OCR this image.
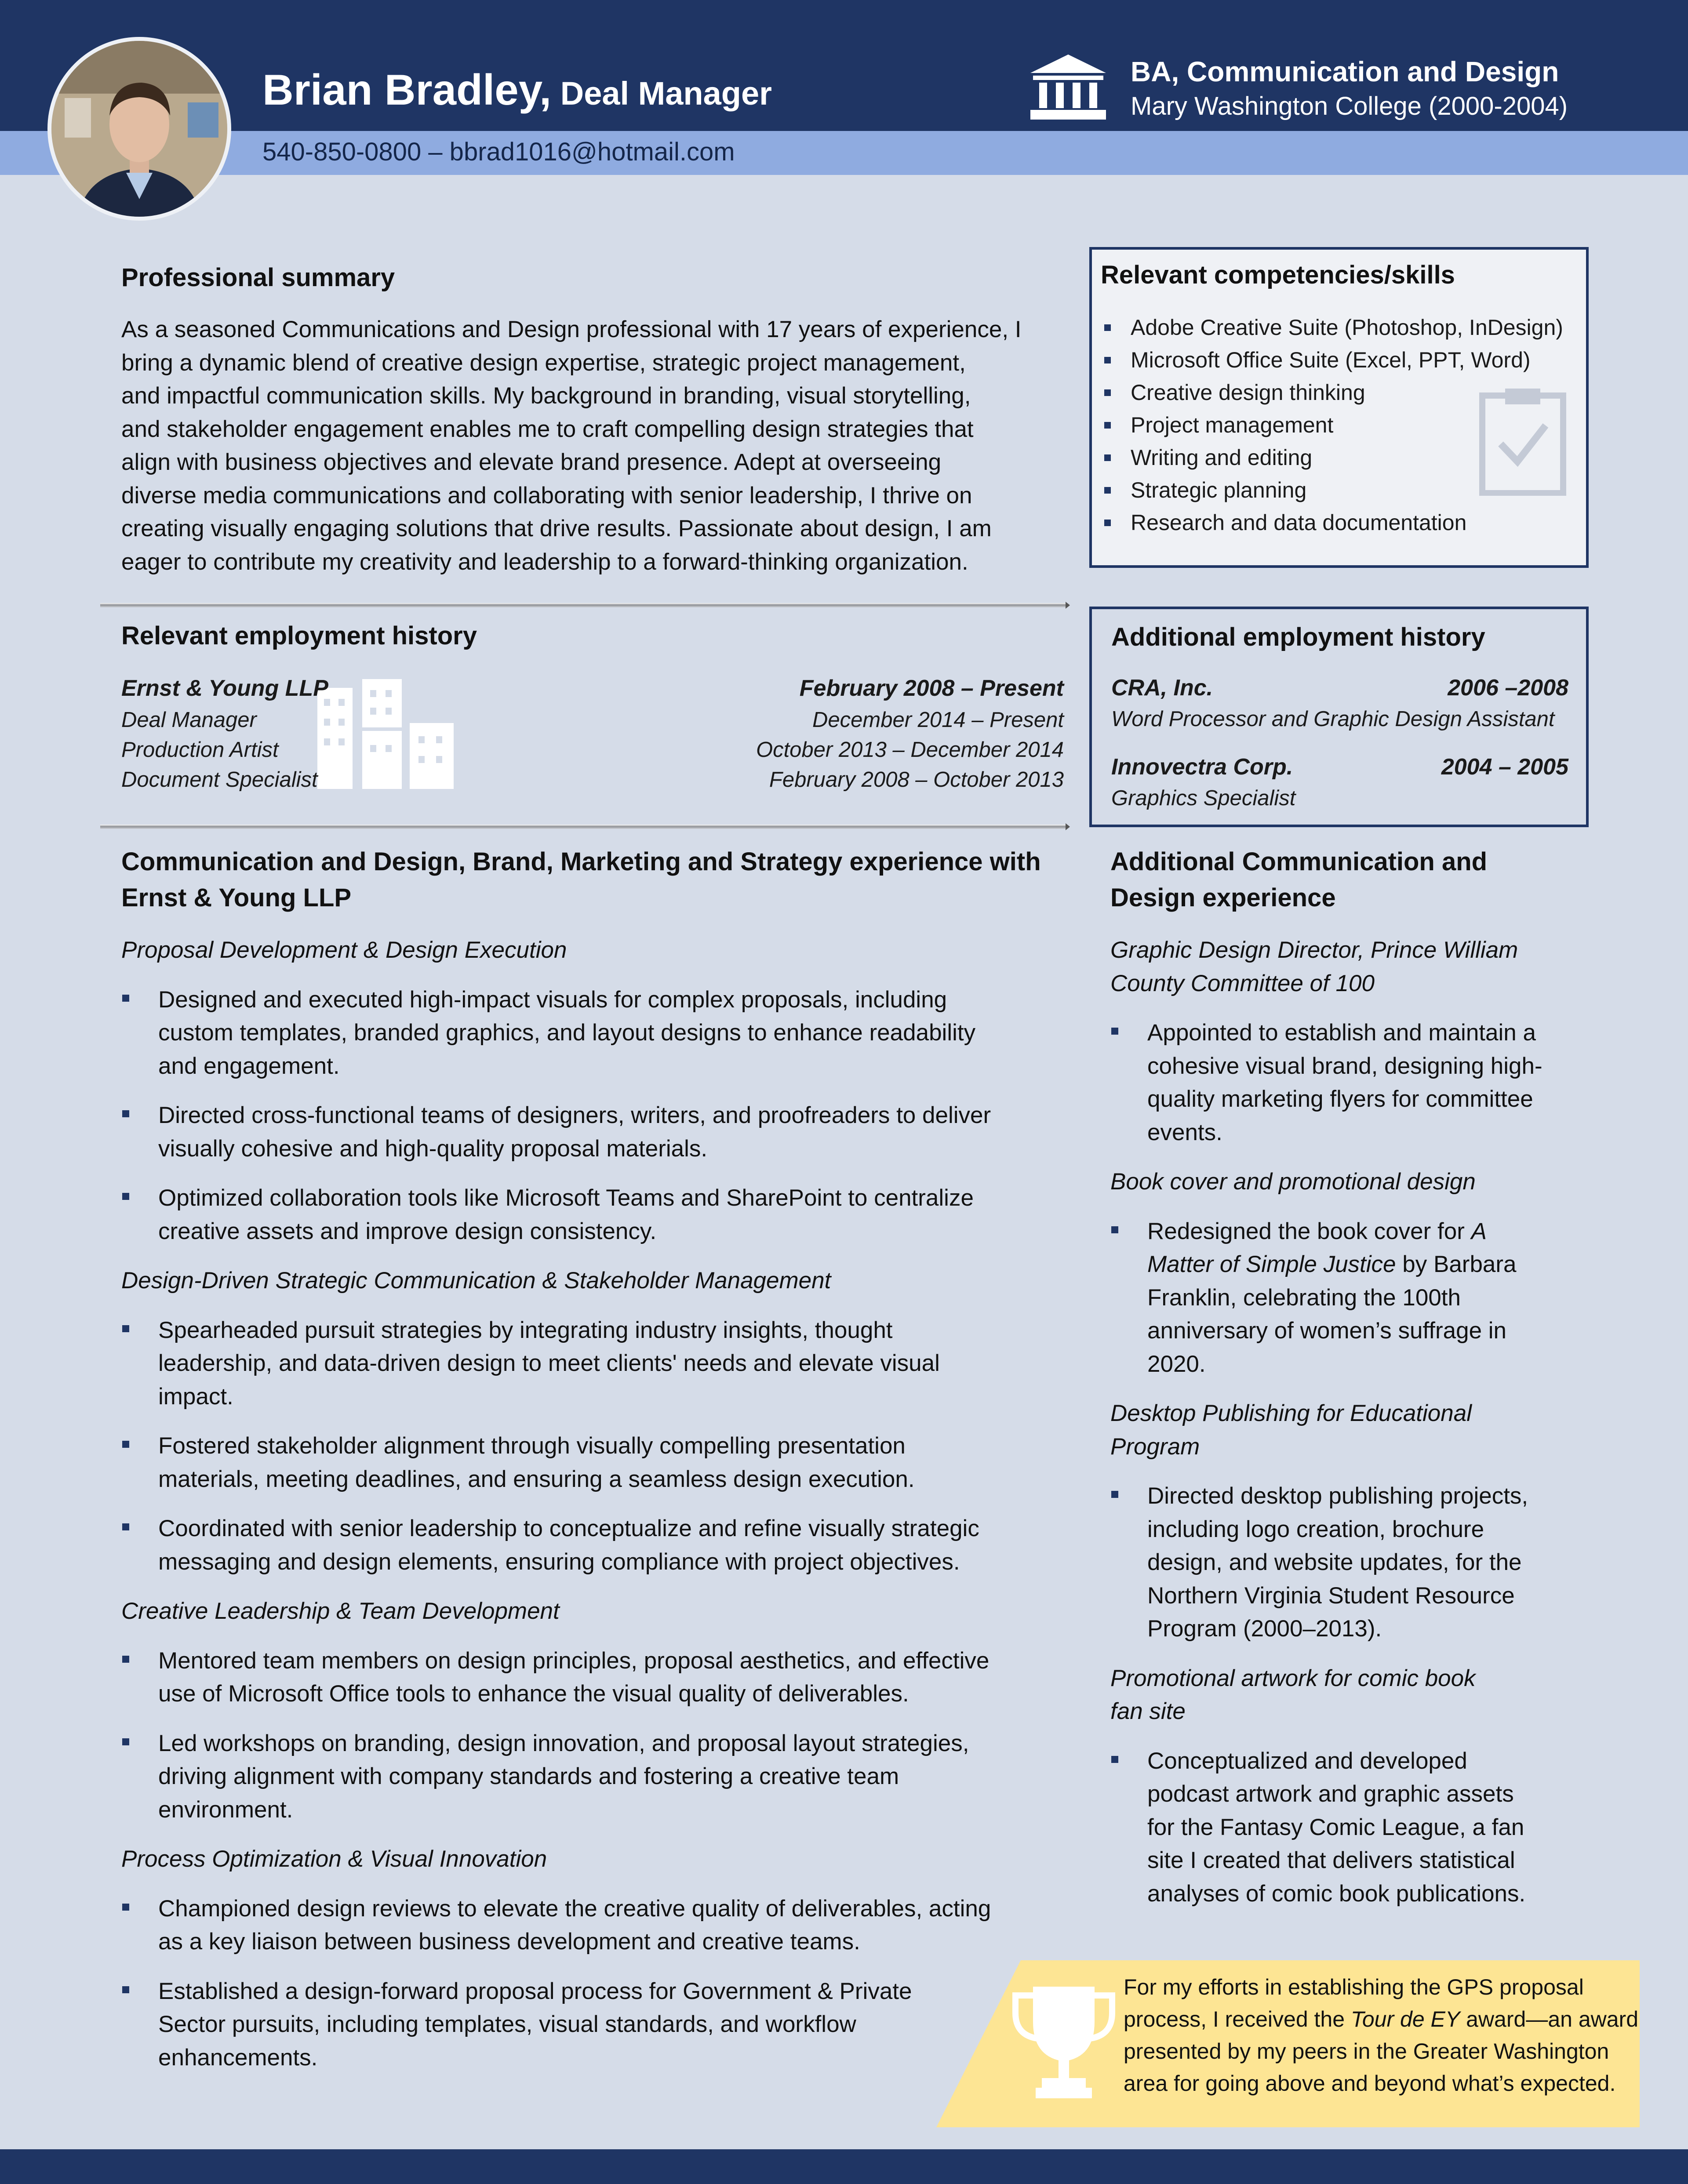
Brian Bradley, Deal Manager
540-850-0800 – bbrad1016@hotmail.com
BA, Communication and Design
Mary Washington College (2000-2004)
Professional summary
As a seasoned Communications and Design professional with 17 years of experience, I
bring a dynamic blend of creative design expertise, strategic project management,
and impactful communication skills. My background in branding, visual storytelling,
and stakeholder engagement enables me to craft compelling design strategies that
align with business objectives and elevate brand presence. Adept at overseeing
diverse media communications and collaborating with senior leadership, I thrive on
creating visually engaging solutions that drive results. Passionate about design, I am
eager to contribute my creativity and leadership to a forward-thinking organization.
Relevant competencies/skills
Adobe Creative Suite (Photoshop, InDesign)
Microsoft Office Suite (Excel, PPT, Word)
Creative design thinking
Project management
Writing and editing
Strategic planning
Research and data documentation
Relevant employment history
Ernst & Young LLP	February 2008 – Present
Deal Manager	December 2014 – Present
Production Artist	October 2013 – December 2014
Document Specialist	February 2008 – October 2013
Additional employment history
CRA, Inc.	2006 –2008
Word Processor and Graphic Design Assistant
Innovectra Corp.	2004 – 2005
Graphics Specialist
Communication and Design, Brand, Marketing and Strategy experience with
Ernst & Young LLP
Proposal Development & Design Execution
Designed and executed high-impact visuals for complex proposals, including
custom templates, branded graphics, and layout designs to enhance readability
and engagement.
Directed cross-functional teams of designers, writers, and proofreaders to deliver
visually cohesive and high-quality proposal materials.
Optimized collaboration tools like Microsoft Teams and SharePoint to centralize
creative assets and improve design consistency.
Design-Driven Strategic Communication & Stakeholder Management
Spearheaded pursuit strategies by integrating industry insights, thought
leadership, and data-driven design to meet clients' needs and elevate visual
impact.
Fostered stakeholder alignment through visually compelling presentation
materials, meeting deadlines, and ensuring a seamless design execution.
Coordinated with senior leadership to conceptualize and refine visually strategic
messaging and design elements, ensuring compliance with project objectives.
Creative Leadership & Team Development
Mentored team members on design principles, proposal aesthetics, and effective
use of Microsoft Office tools to enhance the visual quality of deliverables.
Led workshops on branding, design innovation, and proposal layout strategies,
driving alignment with company standards and fostering a creative team
environment.
Process Optimization & Visual Innovation
Championed design reviews to elevate the creative quality of deliverables, acting
as a key liaison between business development and creative teams.
Established a design-forward proposal process for Government & Private
Sector pursuits, including templates, visual standards, and workflow
enhancements.
Additional Communication and
Design experience
Graphic Design Director, Prince William
County Committee of 100
Appointed to establish and maintain a
cohesive visual brand, designing high-
quality marketing flyers for committee
events.
Book cover and promotional design
Redesigned the book cover for A
Matter of Simple Justice by Barbara
Franklin, celebrating the 100th
anniversary of women’s suffrage in
2020.
Desktop Publishing for Educational
Program
Directed desktop publishing projects,
including logo creation, brochure
design, and website updates, for the
Northern Virginia Student Resource
Program (2000–2013).
Promotional artwork for comic book
fan site
Conceptualized and developed
podcast artwork and graphic assets
for the Fantasy Comic League, a fan
site I created that delivers statistical
analyses of comic book publications.
For my efforts in establishing the GPS proposal
process, I received the Tour de EY award—an award
presented by my peers in the Greater Washington
area for going above and beyond what’s expected.
